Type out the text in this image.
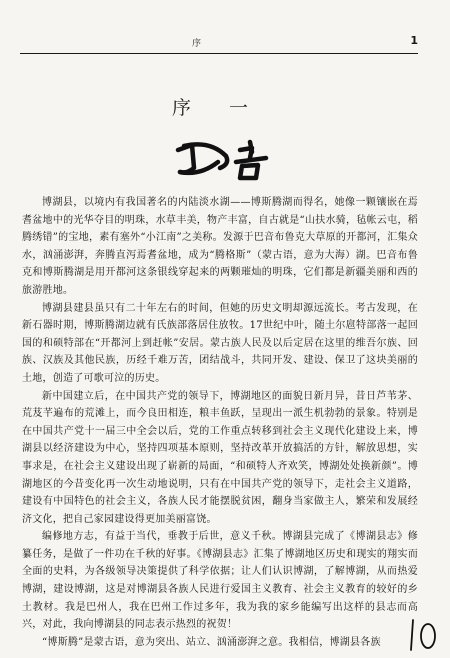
序	1
序 一

博湖县，以境内有我国著名的内陆淡水湖——博斯腾湖而得名，她像一颗镶嵌在焉耆盆地中的光华夺目的明珠，水草丰美，物产丰富，自古就是“山扶水骑，毡帐云屯，稻腾绣错”的宝地，素有塞外“小江南”之美称。发源于巴音布鲁克大草原的开都河，汇集众水，汹涌澎湃，奔腾直泻焉耆盆地，成为“腾格斯”（蒙古语，意为大海）湖。巴音布鲁克和博斯腾湖是用开都河这条银线穿起来的两颗璀灿的明珠，它们都是新疆美丽和西的旅游胜地。

博湖县建县虽只有二十年左右的时间，但她的历史文明却源远流长。考古发现，在新石器时期，博斯腾湖边就有氏族部落居住放牧。17世纪中叶，随土尔扈特部落一起回国的和硕特部在“开都河上到赶帐”安居。蒙古族人民及以后定居在这里的维吾尔族、回族、汉族及其他民族，历经千难万苦，团结战斗，共同开发、建设、保卫了这块美丽的土地，创造了可歌可泣的历史。

新中国建立后，在中国共产党的领导下，博湖地区的面貌日新月异，昔日芦苇茅、荒芨芊遍布的荒滩上，而今良田相连，粮丰鱼跃，呈现出一派生机勃勃的景象。特别是在中国共产党十一届三中全会以后，党的工作重点转移到社会主义现代化建设上来，博湖县以经济建设为中心，坚持四项基本原则，坚持改革开放搞活的方针，解放思想，实事求是，在社会主义建设出现了崭新的局面，“和硕特人齐欢笑，博湖处处换新颜”。博湖地区的今昔变化再一次生动地说明，只有在中国共产党的领导下，走社会主义道路，建设有中国特色的社会主义，各族人民才能摆脱贫困，翻身当家做主人，繁荣和发展经济文化，把自己家园建设得更加美丽富饶。

编修地方志，有益于当代，垂教于后世，意义千秋。博湖县完成了《博湖县志》修纂任务，是做了一件功在千秋的好事。《博湖县志》汇集了博湖地区历史和现实的翔实而全面的史料，为各级领导决策提供了科学依据；让人们认识博湖，了解博湖，从而热爱博湖，建设博湖，这是对博湖县各族人民进行爱国主义教育、社会主义教育的较好的乡土教材。我是巴州人，我在巴州工作过多年，我为我的家乡能编写出这样的县志而高兴，对此，我向博湖县的同志表示热烈的祝贺！

“博斯腾”是蒙古语，意为突出、站立、汹涌澎湃之意。我相信，博湖县各族
